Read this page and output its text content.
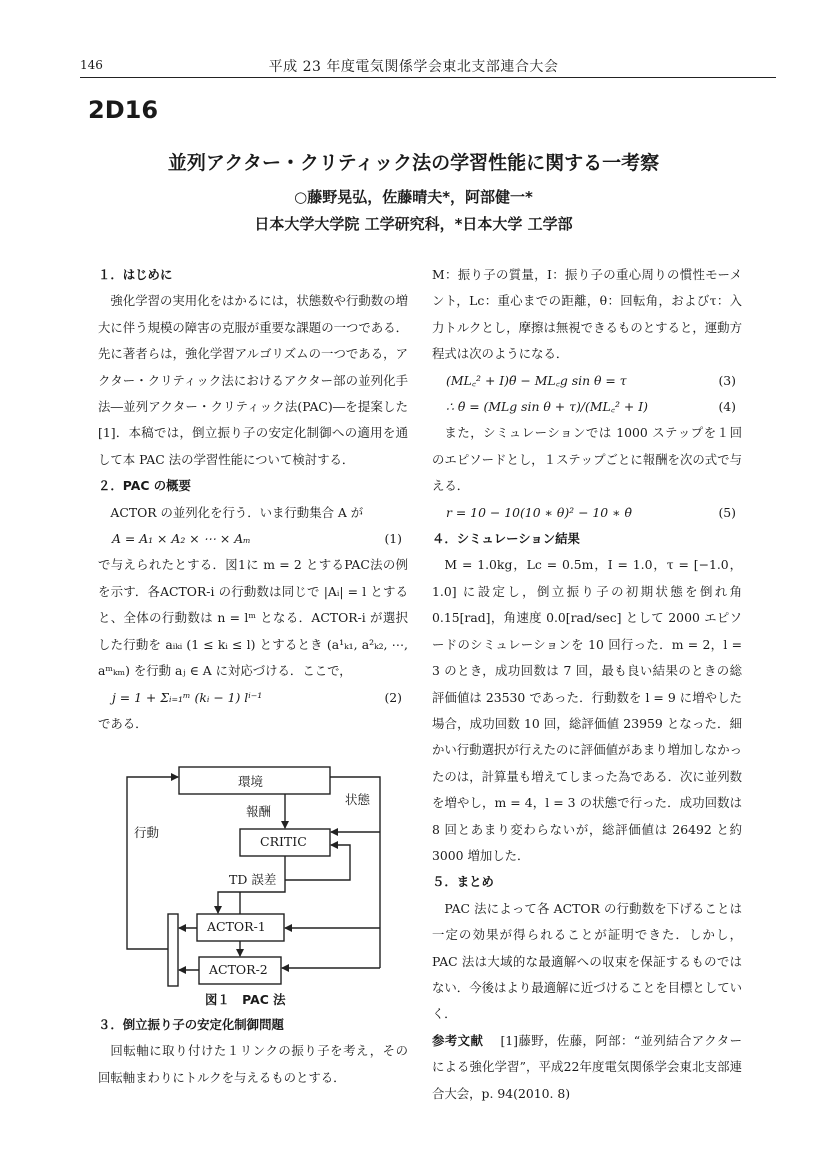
146	平成 23 年度電気関係学会東北支部連合大会
2D16
並列アクター・クリティック法の学習性能に関する一考察
○藤野晃弘，佐藤晴夫*，阿部健一*
日本大学大学院 工学研究科，*日本大学 工学部
１．はじめに
強化学習の実用化をはかるには，状態数や行動数の増大に伴う規模の障害の克服が重要な課題の一つである．先に著者らは，強化学習アルゴリズムの一つである，アクター・クリティック法におけるアクター部の並列化手法―並列アクター・クリティック法(PAC)―を提案した[1]．本稿では，倒立振り子の安定化制御への適用を通して本 PAC 法の学習性能について検討する．
２．PAC の概要
ACTOR の並列化を行う．いま行動集合 A が
A = A₁ × A₂ × ⋯ × Aₘ	(1)
で与えられたとする．図1に m = 2 とするPAC法の例を示す．各ACTOR-i の行動数は同じで |Aᵢ| = l とすると、全体の行動数は n = lᵐ となる．ACTOR-i が選択した行動を aᵢₖᵢ (1 ≤ kᵢ ≤ l) とするとき (a¹ₖ₁, a²ₖ₂, ⋯, aᵐₖₘ) を行動 aⱼ ∈ A に対応づける．ここで，
j = 1 + Σᵢ₌₁ᵐ (kᵢ − 1) lⁱ⁻¹	(2)
である．
環境
報酬
状態
行動
CRITIC
TD 誤差
ACTOR-1
ACTOR-2
図１　PAC 法
３．倒立振り子の安定化制御問題
回転軸に取り付けた１リンクの振り子を考え，その回転軸まわりにトルクを与えるものとする．
M：振り子の質量，I：振り子の重心周りの慣性モーメント，Lc：重心までの距離，θ：回転角，およびτ：入力トルクとし，摩擦は無視できるものとすると，運動方程式は次のようになる．
(ML꜀² + I)θ̈ − ML꜀g sin θ = τ	(3)
∴ θ̈ = (MLg sin θ + τ)/(ML꜀² + I)	(4)
また，シミュレーションでは 1000 ステップを１回のエピソードとし，１ステップごとに報酬を次の式で与える．
r = 10 − 10(10 ∗ θ)² − 10 ∗ θ̇	(5)
４．シミュレーション結果
M = 1.0kg，Lc = 0.5m，I = 1.0，τ = [−1.0，1.0] に設定し，倒立振り子の初期状態を倒れ角 0.15[rad]，角速度 0.0[rad/sec] として 2000 エピソードのシミュレーションを 10 回行った．m = 2，l = 3 のとき，成功回数は 7 回，最も良い結果のときの総評価値は 23530 であった．行動数を l = 9 に増やした場合，成功回数 10 回，総評価値 23959 となった．細かい行動選択が行えたのに評価値があまり増加しなかったのは，計算量も増えてしまった為である．次に並列数を増やし，m = 4，l = 3 の状態で行った．成功回数は 8 回とあまり変わらないが，総評価値は 26492 と約 3000 増加した．
５．まとめ
PAC 法によって各 ACTOR の行動数を下げることは一定の効果が得られることが証明できた．しかし，PAC 法は大域的な最適解への収束を保証するものではない．今後はより最適解に近づけることを目標としていく．
参考文献 　 [1]藤野，佐藤，阿部：“並列結合アクターによる強化学習”，平成22年度電気関係学会東北支部連合大会，p. 94(2010. 8)
